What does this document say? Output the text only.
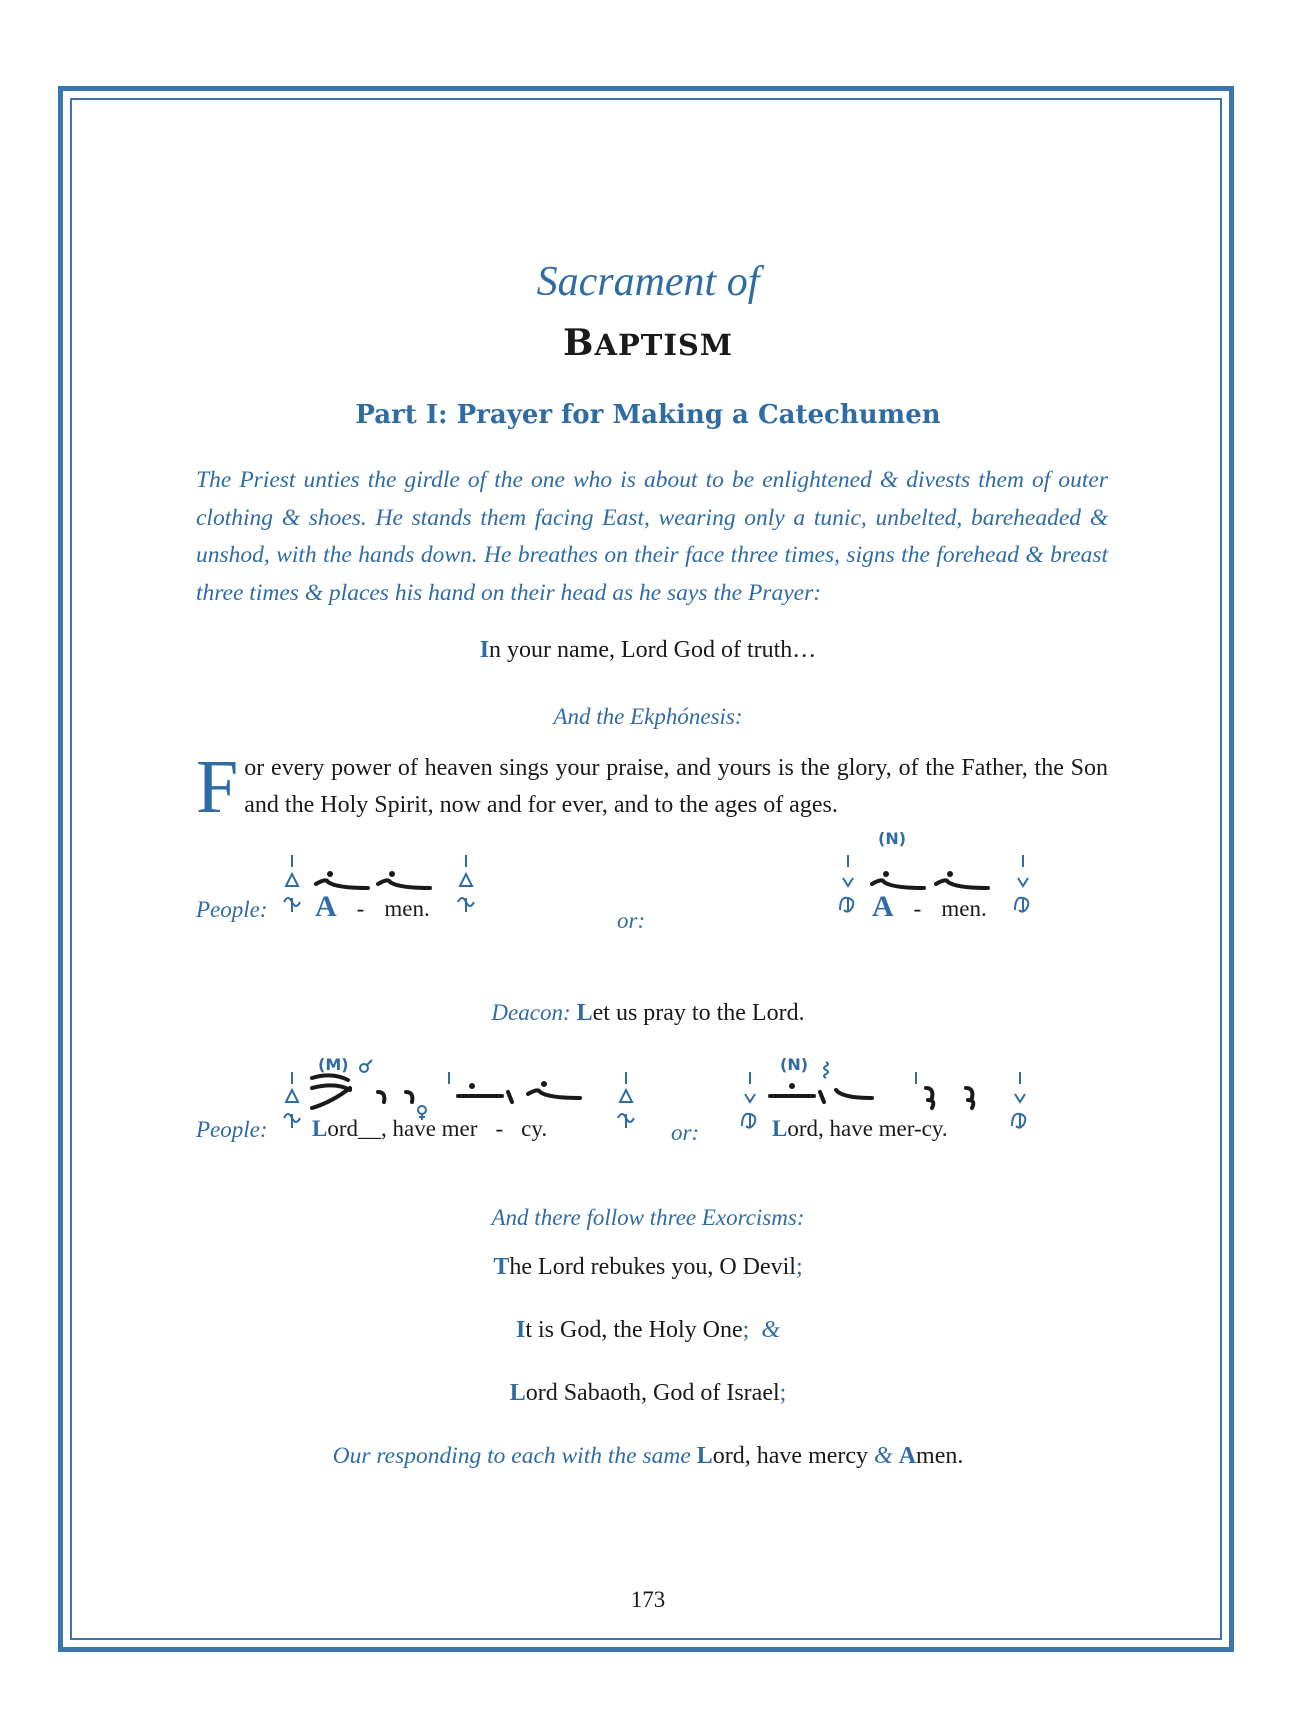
Sacrament of
BAPTISM
Part I: Prayer for Making a Catechumen
The Priest unties the girdle of the one who is about to be enlightened & divests them of outer clothing & shoes. He stands them facing East, wearing only a tunic, unbelted, bareheaded & unshod, with the hands down. He breathes on their face three times, signs the forehead & breast three times & places his hand on their head as he says the Prayer:
In your name, Lord God of truth…
And the Ekphónesis:
For every power of heaven sings your praise, and yours is the glory, of the Father, the Son and the Holy Spirit, now and for ever, and to the ages of ages.
People: A - men.	or:
(N)
A - men.
Deacon: Let us pray to the Lord.
People:
(M)
Lord__, have mer - cy.	or:
(N)
Lord, have mer-cy.
And there follow three Exorcisms:
The Lord rebukes you, O Devil;
It is God, the Holy One; &
Lord Sabaoth, God of Israel;
Our responding to each with the same Lord, have mercy & Amen.
173
